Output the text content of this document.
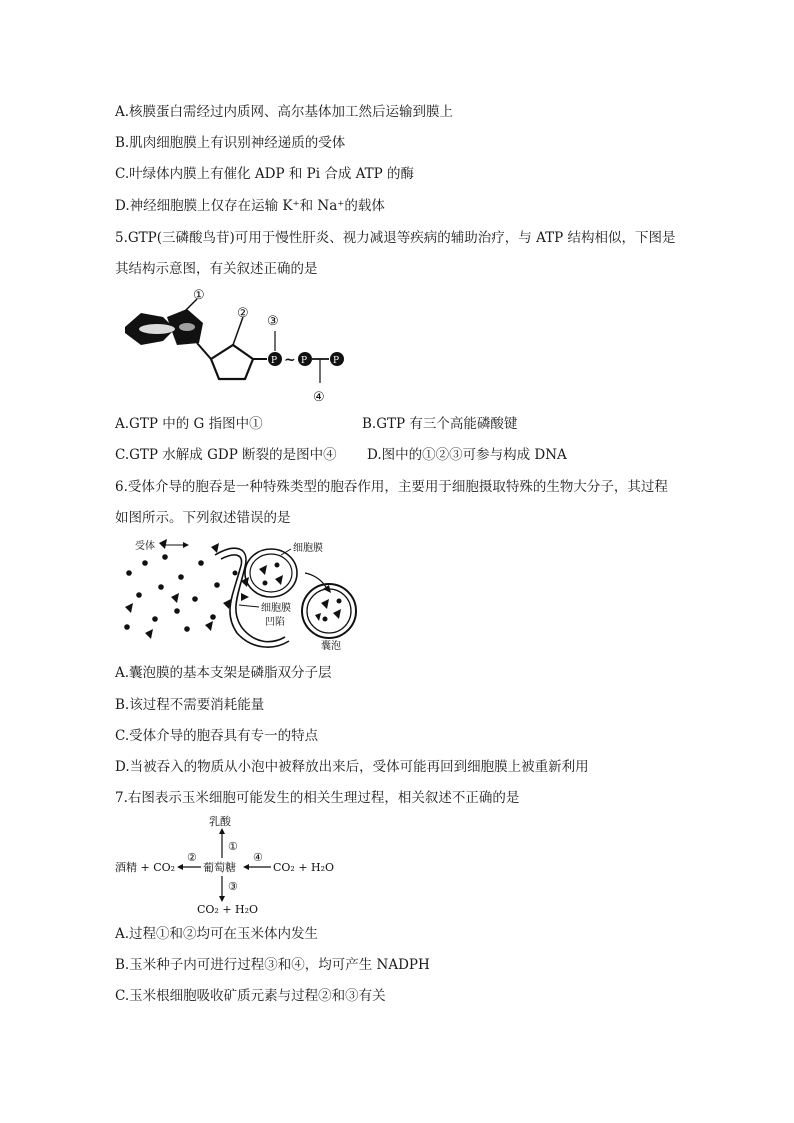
A.核膜蛋白需经过内质网、高尔基体加工然后运输到膜上
B.肌肉细胞膜上有识别神经递质的受体
C.叶绿体内膜上有催化 ADP 和 Pi 合成 ATP 的酶
D.神经细胞膜上仅存在运输 K⁺和 Na⁺的载体
5.GTP(三磷酸鸟苷)可用于慢性肝炎、视力减退等疾病的辅助治疗，与 ATP 结构相似，下图是
其结构示意图，有关叙述正确的是
①
②
P
③
~ P	P
④
A.GTP 中的 G 指图中①	B.GTP 有三个高能磷酸键
C.GTP 水解成 GDP 断裂的是图中④ D.图中的①②③可参与构成 DNA
6.受体介导的胞吞是一种特殊类型的胞吞作用，主要用于细胞摄取特殊的生物大分子，其过程
如图所示。下列叙述错误的是
受体	细胞膜
细胞膜
凹陷
囊泡
A.囊泡膜的基本支架是磷脂双分子层
B.该过程不需要消耗能量
C.受体介导的胞吞具有专一的特点
D.当被吞入的物质从小泡中被释放出来后，受体可能再回到细胞膜上被重新利用
7.右图表示玉米细胞可能发生的相关生理过程，相关叙述不正确的是
乳酸
①
葡萄糖
酒精 + CO₂
②	④
CO₂ + H₂O
③
CO₂ + H₂O
A.过程①和②均可在玉米体内发生
B.玉米种子内可进行过程③和④，均可产生 NADPH
C.玉米根细胞吸收矿质元素与过程②和③有关
